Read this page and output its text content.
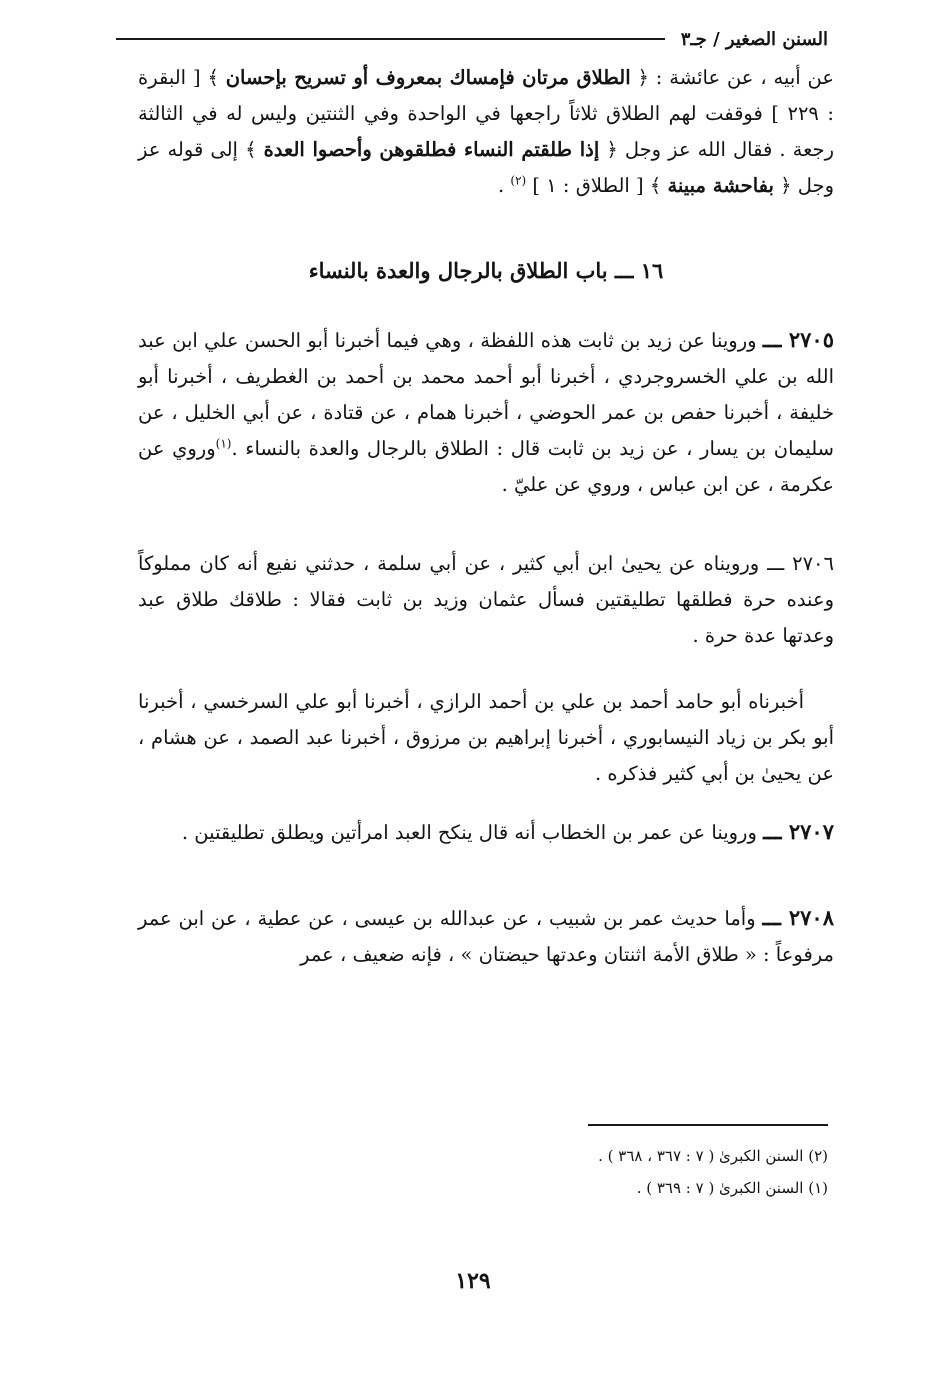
السنن الصغير / جـ٣

عن أبيه ، عن عائشة : ﴿ الطلاق مرتان فإمساك بمعروف أو تسريح بإحسان ﴾ [ البقرة : ٢٢٩ ] فوقفت لهم الطلاق ثلاثاً راجعها في الواحدة وفي الثنتين وليس له في الثالثة رجعة . فقال الله عز وجل ﴿ إذا طلقتم النساء فطلقوهن وأحصوا العدة ﴾ إلى قوله عز وجل ﴿ بفاحشة مبينة ﴾ [ الطلاق : ١ ] $^{(٢)}$ .

١٦ ـــ باب الطلاق بالرجال والعدة بالنساء

٢٧٠٥ ـــ وروينا عن زيد بن ثابت هذه اللفظة ، وهي فيما أخبرنا أبو الحسن علي ابن عبد الله بن علي الخسروجردي ، أخبرنا أبو أحمد محمد بن أحمد بن الغطريف ، أخبرنا أبو خليفة ، أخبرنا حفص بن عمر الحوضي ، أخبرنا همام ، عن قتادة ، عن أبي الخليل ، عن سليمان بن يسار ، عن زيد بن ثابت قال : الطلاق بالرجال والعدة بالنساء .$^{(١)}$وروي عن عكرمة ، عن ابن عباس ، وروي عن عليّ .

٢٧٠٦ ـــ ورويناه عن يحيىٰ ابن أبي كثير ، عن أبي سلمة ، حدثني نفيع أنه كان مملوكاً وعنده حرة فطلقها تطليقتين فسأل عثمان وزيد بن ثابت فقالا : طلاقك طلاق عبد وعدتها عدة حرة .

أخبرناه أبو حامد أحمد بن علي بن أحمد الرازي ، أخبرنا أبو علي السرخسي ، أخبرنا أبو بكر بن زياد النيسابوري ، أخبرنا إبراهيم بن مرزوق ، أخبرنا عبد الصمد ، عن هشام ، عن يحيىٰ بن أبي كثير فذكره .

٢٧٠٧ ـــ وروينا عن عمر بن الخطاب أنه قال ينكح العبد امرأتين ويطلق تطليقتين .

٢٧٠٨ ـــ وأما حديث عمر بن شبيب ، عن عبدالله بن عيسى ، عن عطية ، عن ابن عمر مرفوعاً : « طلاق الأمة اثنتان وعدتها حيضتان » ، فإنه ضعيف ، عمر

(٢) السنن الكبرىٰ ( ٧ : ٣٦٧ ، ٣٦٨ ) .
(١) السنن الكبرىٰ ( ٧ : ٣٦٩ ) .
١٢٩
